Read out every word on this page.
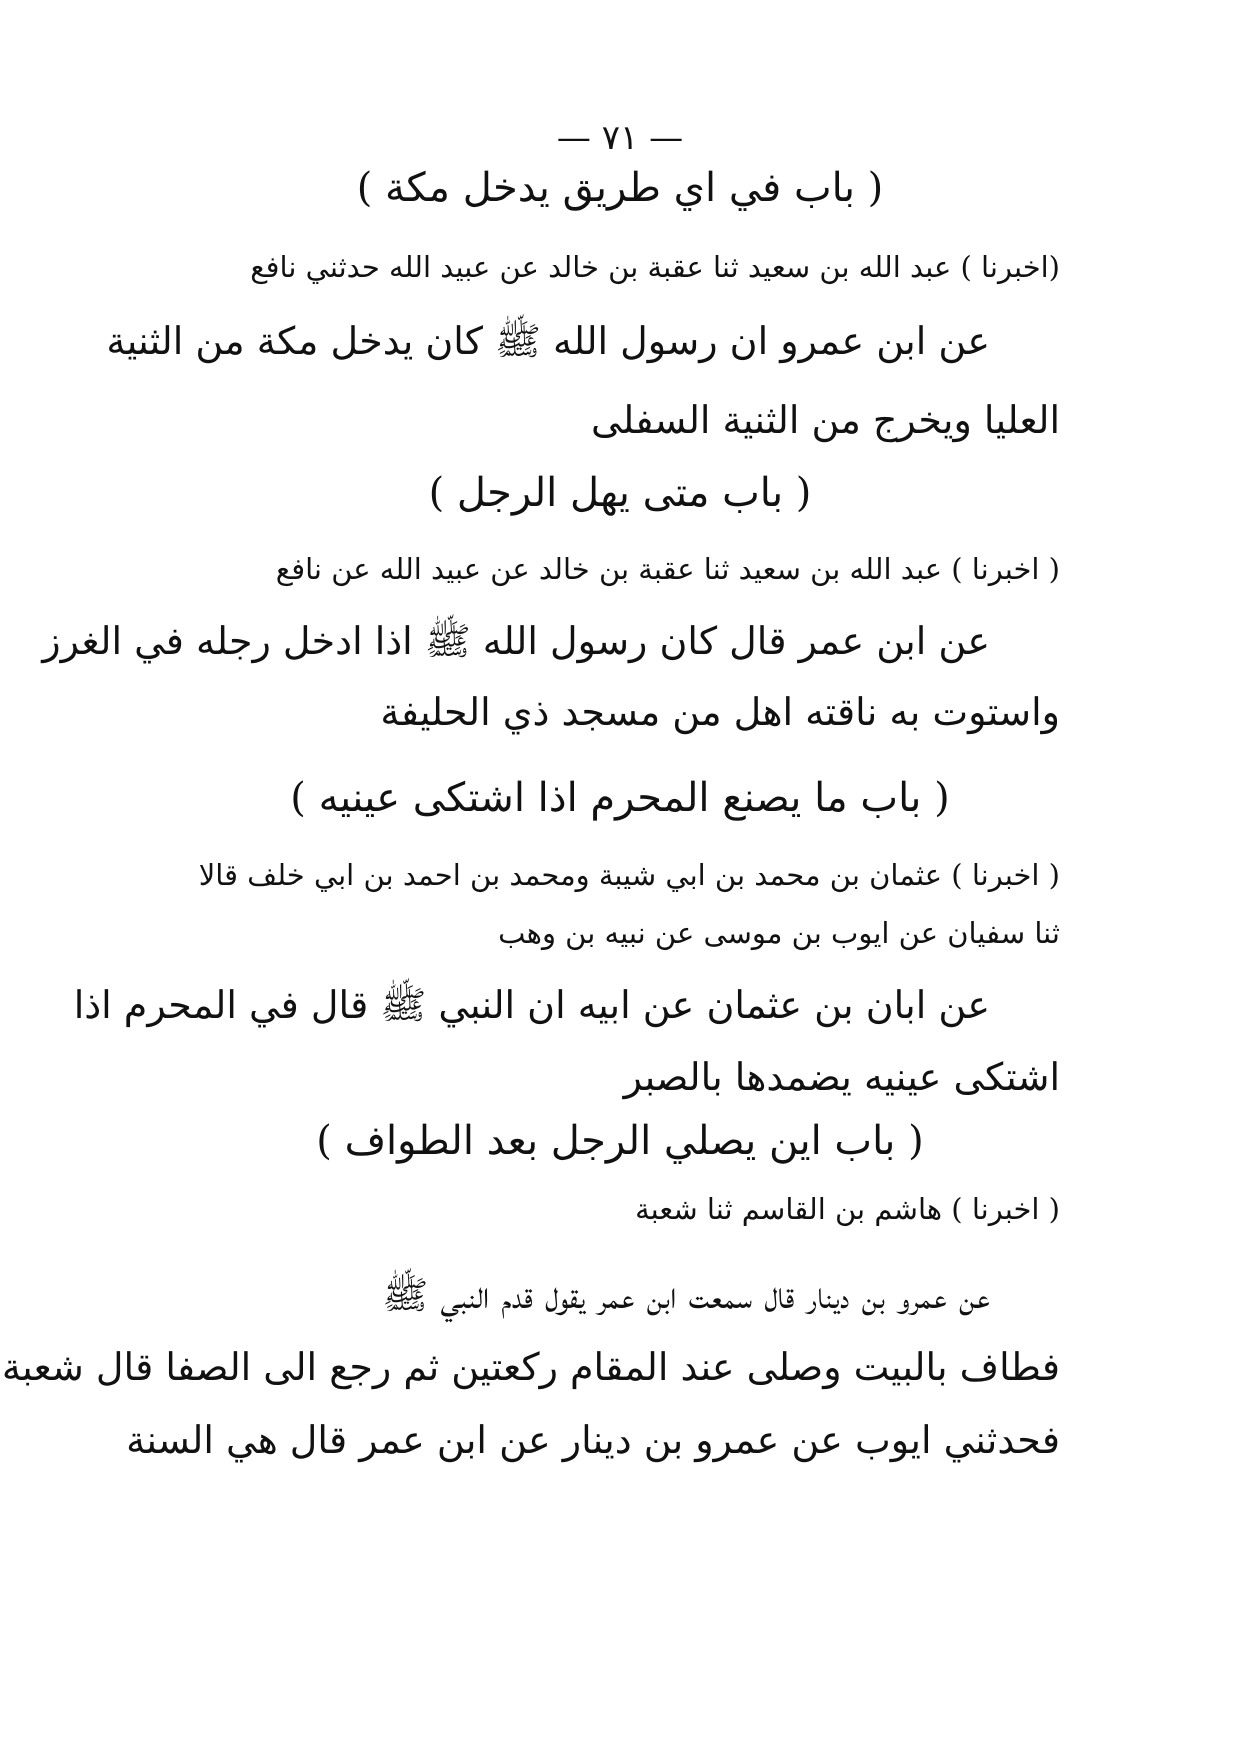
— ٧١ —
( باب في اي طريق يدخل مكة )
(اخبرنا ) عبد الله بن سعيد ثنا عقبة بن خالد عن عبيد الله حدثني نافع
عن ابن عمرو ان رسول الله ﷺ كان يدخل مكة من الثنية
العليا ويخرج من الثنية السفلى
( باب متى يهل الرجل )
( اخبرنا ) عبد الله بن سعيد ثنا عقبة بن خالد عن عبيد الله عن نافع
عن ابن عمر قال كان رسول الله ﷺ اذا ادخل رجله في الغرز
واستوت به ناقته اهل من مسجد ذي الحليفة
( باب ما يصنع المحرم اذا اشتكى عينيه )
( اخبرنا ) عثمان بن محمد بن ابي شيبة ومحمد بن احمد بن ابي خلف قالا
ثنا سفيان عن ايوب بن موسى عن نبيه بن وهب
عن ابان بن عثمان عن ابيه ان النبي ﷺ قال في المحرم اذا
اشتكى عينيه يضمدها بالصبر
( باب اين يصلي الرجل بعد الطواف )
( اخبرنا ) هاشم بن القاسم ثنا شعبة
عن عمرو بن دينار قال سمعت ابن عمر يقول قدم النبي ﷺ
فطاف بالبيت وصلى عند المقام ركعتين ثم رجع الى الصفا قال شعبة
فحدثني ايوب عن عمرو بن دينار عن ابن عمر قال هي السنة
